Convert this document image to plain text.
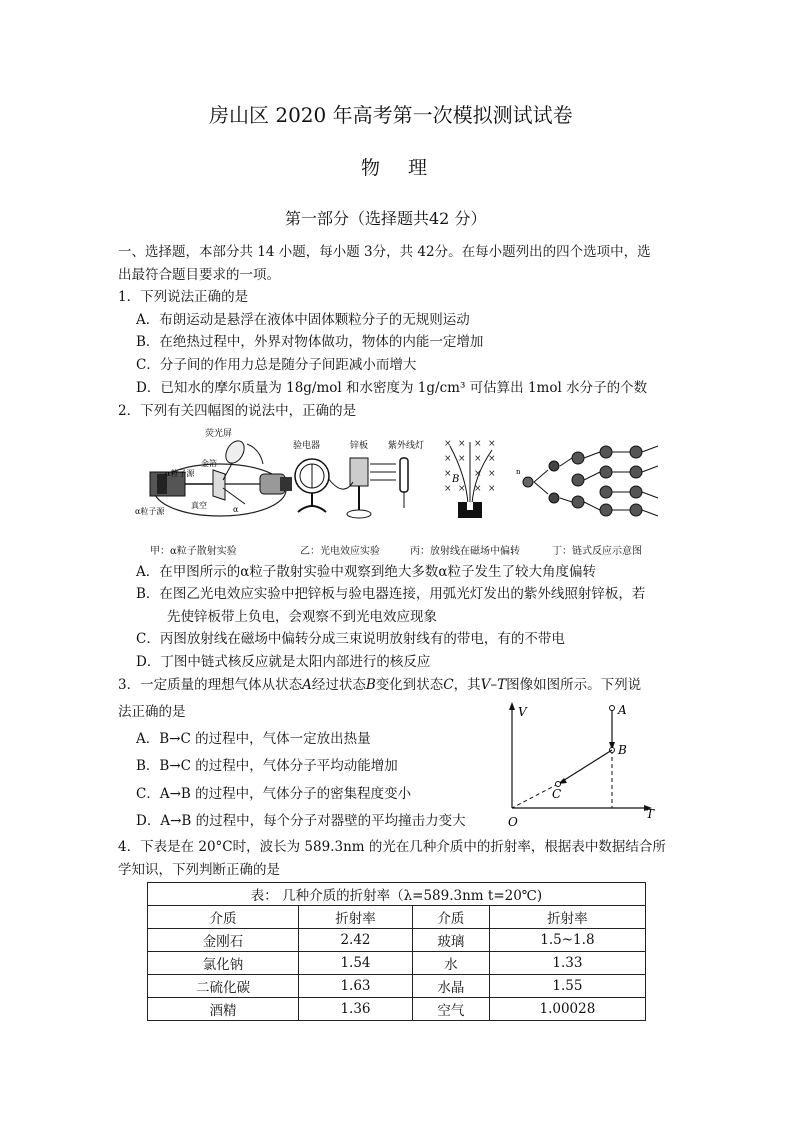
房山区 2020 年高考第一次模拟测试试卷
物理
第一部分（选择题共42 分）
一、选择题，本部分共 14 小题，每小题 3分，共 42分。在每小题列出的四个选项中，选
出最符合题目要求的一项。
1．下列说法正确的是
A．布朗运动是悬浮在液体中固体颗粒分子的无规则运动
B．在绝热过程中，外界对物体做功，物体的内能一定增加
C．分子间的作用力总是随分子间距减小而增大
D．已知水的摩尔质量为 18g/mol 和水密度为 1g/cm³ 可估算出 1mol 水分子的个数
2．下列有关四幅图的说法中，正确的是
荧光屏
α粒子源
金箔
真空	α
α粒子源
验电器	锌板 紫外线灯 × × × ×
× × × ×
× × ×
× × × ×
B
n
甲：α粒子散射实验	乙：光电效应实验	丙：放射线在磁场中偏转	丁：链式反应示意图
A．在甲图所示的α粒子散射实验中观察到绝大多数α粒子发生了较大角度偏转
B．在图乙光电效应实验中把锌板与验电器连接，用弧光灯发出的紫外线照射锌板，若
先使锌板带上负电，会观察不到光电效应现象
C．丙图放射线在磁场中偏转分成三束说明放射线有的带电，有的不带电
D．丁图中链式核反应就是太阳内部进行的核反应
3．一定质量的理想气体从状态A经过状态B变化到状态C，其V–T图像如图所示。下列说
法正确的是
A．B→C 的过程中，气体一定放出热量
B．B→C 的过程中，气体分子平均动能增加
C．A→B 的过程中，气体分子的密集程度变小
D．A→B 的过程中，每个分子对器壁的平均撞击力变大
V
T
O
A
B
C
4．下表是在 20°C时，波长为 589.3nm 的光在几种介质中的折射率，根据表中数据结合所
学知识，下列判断正确的是
表： 几种介质的折射率（λ=589.3nm t=20℃)			
介质	折射率	介质	折射率
金刚石	2.42	玻璃	1.5~1.8
氯化钠	1.54	水	1.33
二硫化碳	1.63	水晶	1.55
酒精	1.36	空气	1.00028
